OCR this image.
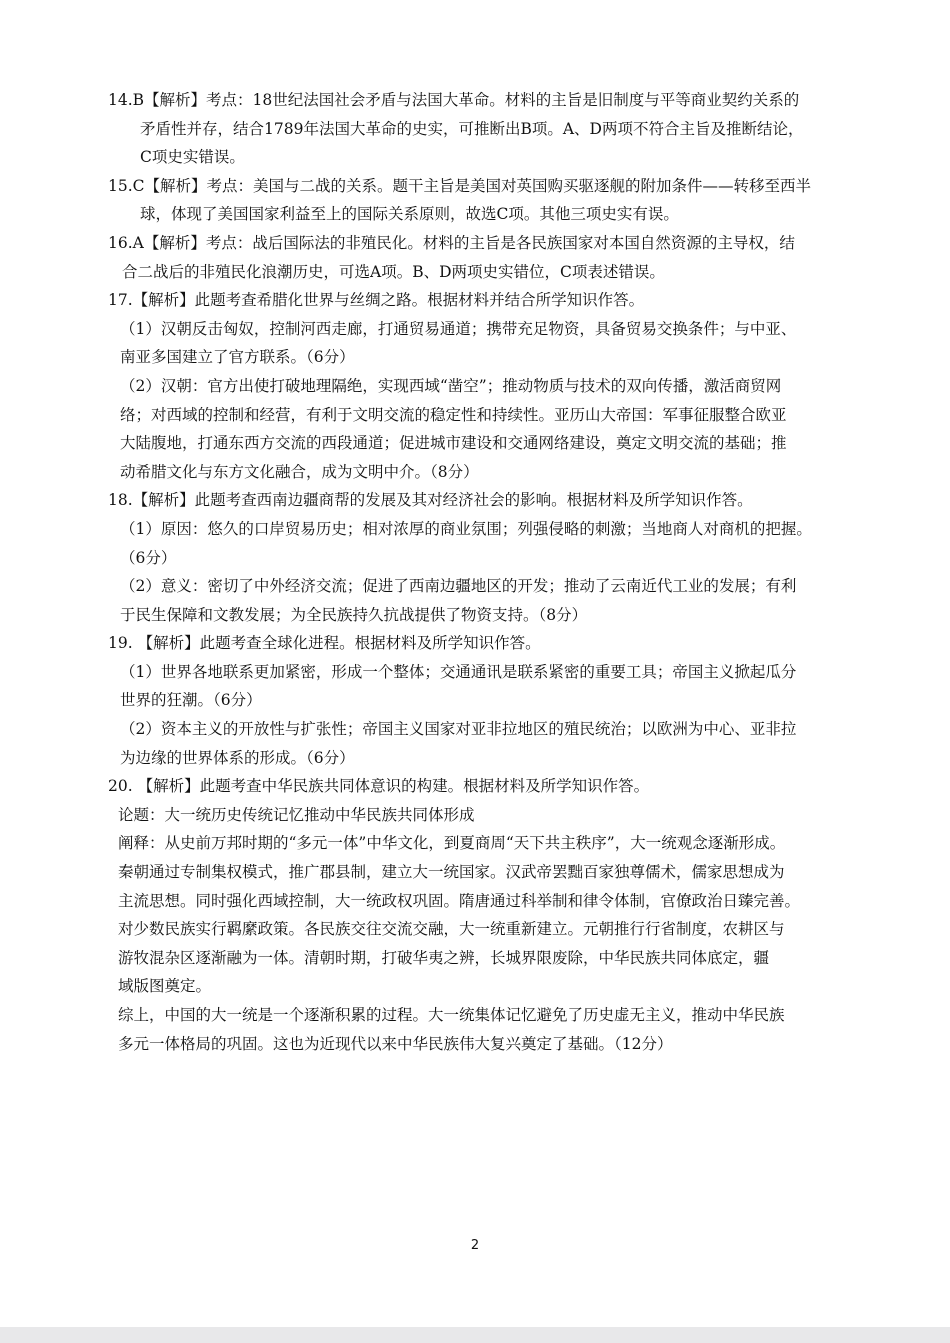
14.B【解析】考点：18世纪法国社会矛盾与法国大革命。材料的主旨是旧制度与平等商业契约关系的
矛盾性并存，结合1789年法国大革命的史实，可推断出B项。A、D两项不符合主旨及推断结论，
C项史实错误。
15.C【解析】考点：美国与二战的关系。题干主旨是美国对英国购买驱逐舰的附加条件——转移至西半
球，体现了美国国家利益至上的国际关系原则，故选C项。其他三项史实有误。
16.A【解析】考点：战后国际法的非殖民化。材料的主旨是各民族国家对本国自然资源的主导权，结
合二战后的非殖民化浪潮历史，可选A项。B、D两项史实错位，C项表述错误。
17.【解析】此题考查希腊化世界与丝绸之路。根据材料并结合所学知识作答。
（1）汉朝反击匈奴，控制河西走廊，打通贸易通道；携带充足物资，具备贸易交换条件；与中亚、
南亚多国建立了官方联系。（6分）
（2）汉朝：官方出使打破地理隔绝，实现西域“凿空”；推动物质与技术的双向传播，激活商贸网
络；对西域的控制和经营，有利于文明交流的稳定性和持续性。亚历山大帝国：军事征服整合欧亚
大陆腹地，打通东西方交流的西段通道；促进城市建设和交通网络建设，奠定文明交流的基础；推
动希腊文化与东方文化融合，成为文明中介。（8分）
18.【解析】此题考查西南边疆商帮的发展及其对经济社会的影响。根据材料及所学知识作答。
（1）原因：悠久的口岸贸易历史；相对浓厚的商业氛围；列强侵略的刺激；当地商人对商机的把握。
（6分）
（2）意义：密切了中外经济交流；促进了西南边疆地区的开发；推动了云南近代工业的发展；有利
于民生保障和文教发展；为全民族持久抗战提供了物资支持。（8分）
19. 【解析】此题考查全球化进程。根据材料及所学知识作答。
（1）世界各地联系更加紧密，形成一个整体；交通通讯是联系紧密的重要工具；帝国主义掀起瓜分
世界的狂潮。（6分）
（2）资本主义的开放性与扩张性；帝国主义国家对亚非拉地区的殖民统治；以欧洲为中心、亚非拉
为边缘的世界体系的形成。（6分）
20. 【解析】此题考查中华民族共同体意识的构建。根据材料及所学知识作答。
论题：大一统历史传统记忆推动中华民族共同体形成
阐释：从史前万邦时期的“多元一体”中华文化，到夏商周“天下共主秩序”，大一统观念逐渐形成。
秦朝通过专制集权模式，推广郡县制，建立大一统国家。汉武帝罢黜百家独尊儒术，儒家思想成为
主流思想。同时强化西域控制，大一统政权巩固。隋唐通过科举制和律令体制，官僚政治日臻完善。
对少数民族实行羁縻政策。各民族交往交流交融，大一统重新建立。元朝推行行省制度，农耕区与
游牧混杂区逐渐融为一体。清朝时期，打破华夷之辨，长城界限废除，中华民族共同体底定，疆
域版图奠定。
综上，中国的大一统是一个逐渐积累的过程。大一统集体记忆避免了历史虚无主义，推动中华民族
多元一体格局的巩固。这也为近现代以来中华民族伟大复兴奠定了基础。（12分）
2
